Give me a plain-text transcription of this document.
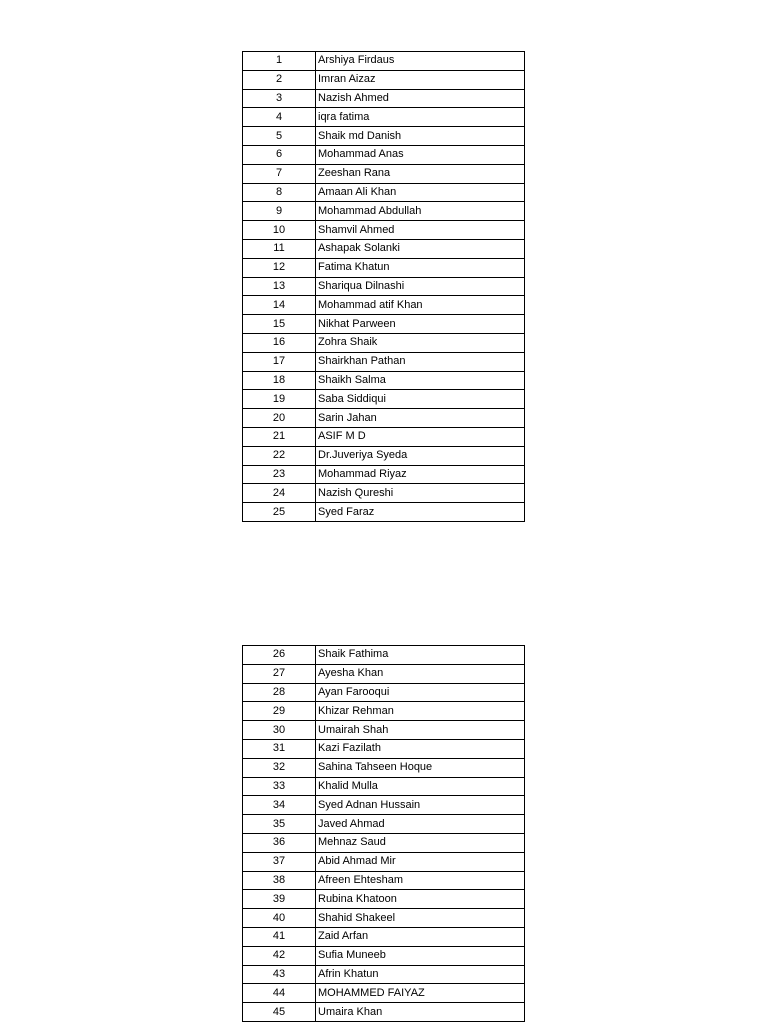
1	Arshiya Firdaus
2	Imran Aizaz
3	Nazish Ahmed
4	iqra fatima
5	Shaik md Danish
6	Mohammad Anas
7	Zeeshan Rana
8	Amaan Ali Khan
9	Mohammad Abdullah
10	Shamvil Ahmed
11	Ashapak Solanki
12	Fatima Khatun
13	Shariqua Dilnashi
14	Mohammad atif Khan
15	Nikhat Parween
16	Zohra Shaik
17	Shairkhan Pathan
18	Shaikh Salma
19	Saba Siddiqui
20	Sarin Jahan
21	ASIF M D
22	Dr.Juveriya Syeda
23	Mohammad Riyaz
24	Nazish Qureshi
25	Syed Faraz
26	Shaik Fathima
27	Ayesha Khan
28	Ayan Farooqui
29	Khizar Rehman
30	Umairah Shah
31	Kazi Fazilath
32	Sahina Tahseen Hoque
33	Khalid Mulla
34	Syed Adnan Hussain
35	Javed Ahmad
36	Mehnaz Saud
37	Abid Ahmad Mir
38	Afreen Ehtesham
39	Rubina Khatoon
40	Shahid Shakeel
41	Zaid Arfan
42	Sufia Muneeb
43	Afrin Khatun
44	MOHAMMED FAIYAZ
45	Umaira Khan
